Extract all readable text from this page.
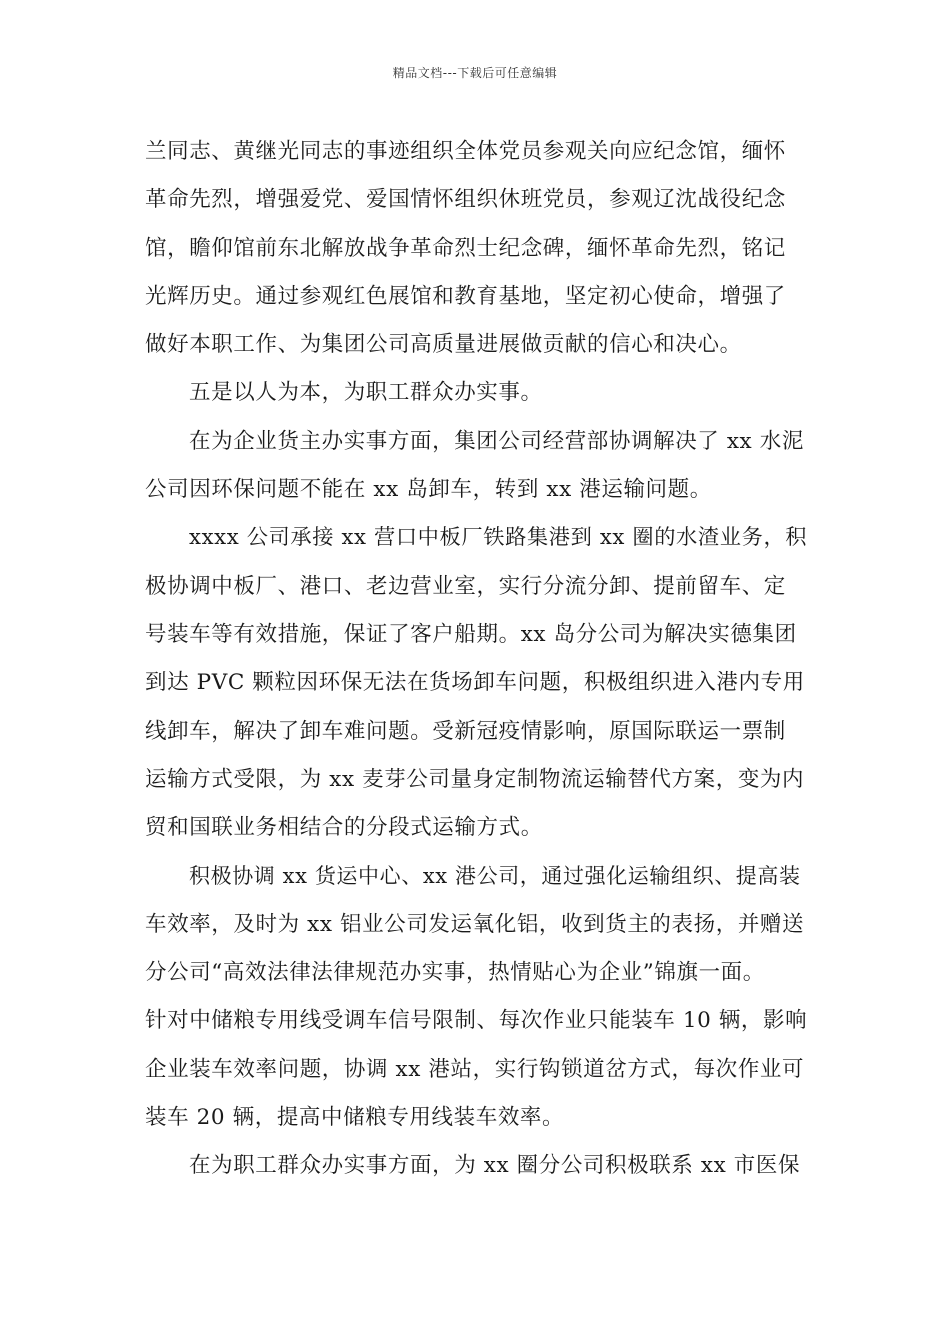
精品文档---下载后可任意编辑
兰同志、黄继光同志的事迹组织全体党员参观关向应纪念馆，缅怀
革命先烈，增强爱党、爱国情怀组织休班党员，参观辽沈战役纪念
馆，瞻仰馆前东北解放战争革命烈士纪念碑，缅怀革命先烈，铭记
光辉历史。通过参观红色展馆和教育基地，坚定初心使命，增强了
做好本职工作、为集团公司高质量进展做贡献的信心和决心。
五是以人为本，为职工群众办实事。
在为企业货主办实事方面，集团公司经营部协调解决了 xx 水泥
公司因环保问题不能在 xx 岛卸车，转到 xx 港运输问题。
xxxx 公司承接 xx 营口中板厂铁路集港到 xx 圈的水渣业务，积
极协调中板厂、港口、老边营业室，实行分流分卸、提前留车、定
号装车等有效措施，保证了客户船期。xx 岛分公司为解决实德集团
到达 PVC 颗粒因环保无法在货场卸车问题，积极组织进入港内专用
线卸车，解决了卸车难问题。受新冠疫情影响，原国际联运一票制
运输方式受限，为 xx 麦芽公司量身定制物流运输替代方案，变为内
贸和国联业务相结合的分段式运输方式。
积极协调 xx 货运中心、xx 港公司，通过强化运输组织、提高装
车效率，及时为 xx 铝业公司发运氧化铝，收到货主的表扬，并赠送
分公司“高效法律法律规范办实事，热情贴心为企业”锦旗一面。
针对中储粮专用线受调车信号限制、每次作业只能装车 10 辆，影响
企业装车效率问题，协调 xx 港站，实行钩锁道岔方式，每次作业可
装车 20 辆，提高中储粮专用线装车效率。
在为职工群众办实事方面，为 xx 圈分公司积极联系 xx 市医保
